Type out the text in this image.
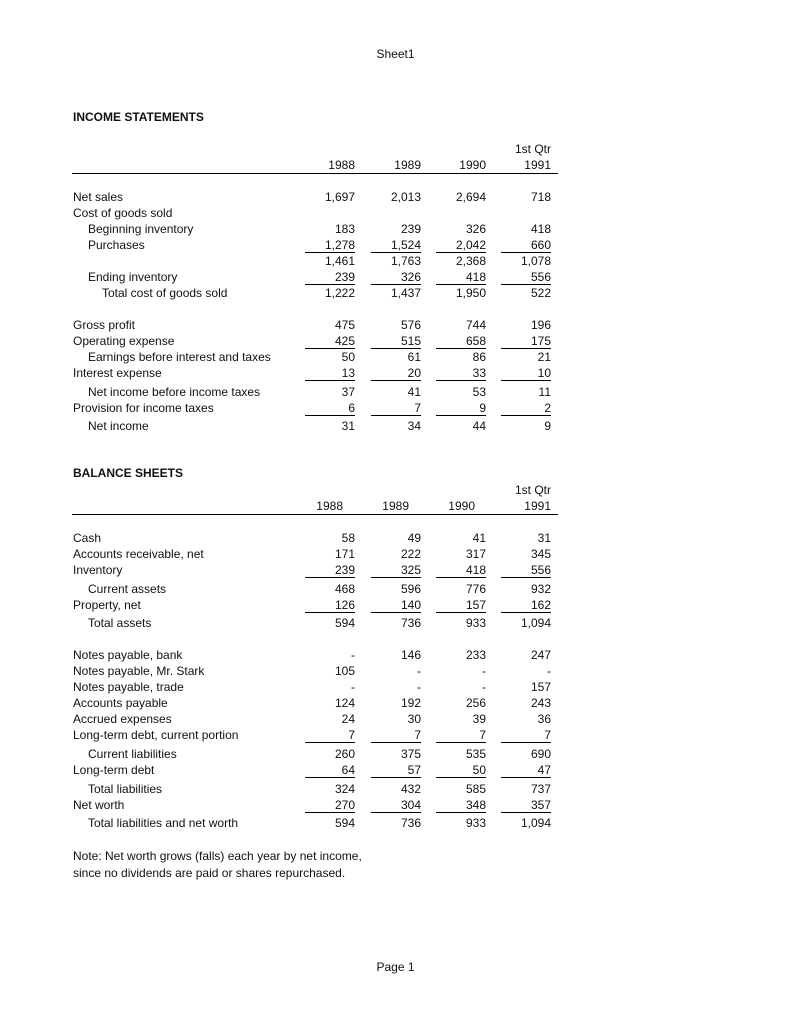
Sheet1
INCOME STATEMENTS
1st Qtr
1988	1989	1990	1991
Net sales	1,697	2,013	2,694	718
Cost of goods sold
Beginning inventory	183	239	326	418
Purchases	1,278	1,524	2,042	660
1,461	1,763	2,368	1,078
Ending inventory	239	326	418	556
Total cost of goods sold	1,222	1,437	1,950	522
Gross profit	475	576	744	196
Operating expense	425	515	658	175
Earnings before interest and taxes	50	61	86	21
Interest expense	13	20	33	10
Net income before income taxes	37	41	53	11
Provision for income taxes	6	7	9	2
Net income	31	34	44	9
BALANCE SHEETS
1st Qtr
1988	1989	1990	1991
Cash	58	49	41	31
Accounts receivable, net	171	222	317	345
Inventory	239	325	418	556
Current assets	468	596	776	932
Property, net	126	140	157	162
Total assets	594	736	933	1,094
Notes payable, bank	-	146	233	247
Notes payable, Mr. Stark	105	-	-	-
Notes payable, trade	-	-	-	157
Accounts payable	124	192	256	243
Accrued expenses	24	30	39	36
Long-term debt, current portion	7	7	7	7
Current liabilities	260	375	535	690
Long-term debt	64	57	50	47
Total liabilities	324	432	585	737
Net worth	270	304	348	357
Total liabilities and net worth	594	736	933	1,094
Note: Net worth grows (falls) each year by net income,
since no dividends are paid or shares repurchased.
Page 1
